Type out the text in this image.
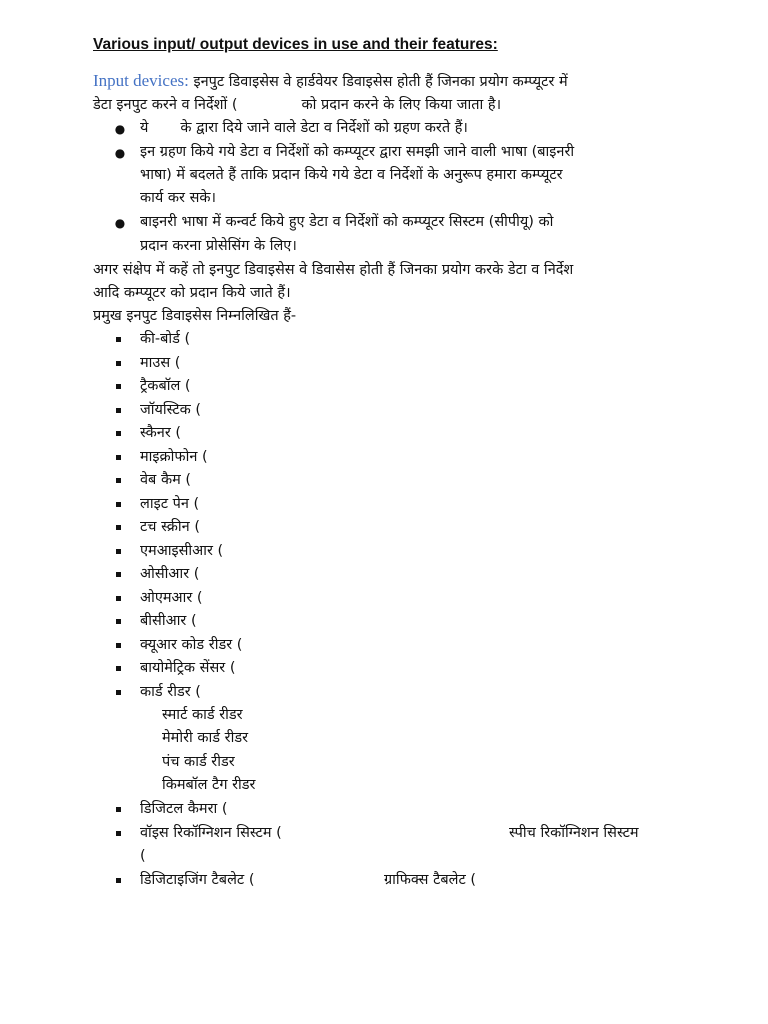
Various input/ output devices in use and their features:
Input devices: इनपुट डिवाइसेस वे हार्डवेयर डिवाइसेस होती हैं जिनका प्रयोग कम्प्यूटर में
डेटा इनपुट करने व निर्देशों (	को प्रदान करने के लिए किया जाता है।
●	ये के द्वारा दिये जाने वाले डेटा व निर्देशों को ग्रहण करते हैं।
●	इन ग्रहण किये गये डेटा व निर्देशों को कम्प्यूटर द्वारा समझी जाने वाली भाषा (बाइनरी
भाषा) में बदलते हैं ताकि प्रदान किये गये डेटा व निर्देशों के अनुरूप हमारा कम्प्यूटर
कार्य कर सके।
●	बाइनरी भाषा में कन्वर्ट किये हुए डेटा व निर्देशों को कम्प्यूटर सिस्टम (सीपीयू) को
प्रदान करना प्रोसेसिंग के लिए।
अगर संक्षेप में कहें तो इनपुट डिवाइसेस वे डिवासेस होती हैं जिनका प्रयोग करके डेटा व निर्देश
आदि कम्प्यूटर को प्रदान किये जाते हैं।
प्रमुख इनपुट डिवाइसेस निम्नलिखित हैं-
की-बोर्ड (
माउस (
ट्रैकबॉल (
जॉयस्टिक (
स्कैनर (
माइक्रोफोन (
वेब कैम (
लाइट पेन (
टच स्क्रीन (
एमआइसीआर (
ओसीआर (
ओएमआर (
बीसीआर (
क्यूआर कोड रीडर (
बायोमेट्रिक सेंसर (
कार्ड रीडर (
स्मार्ट कार्ड रीडर
मेमोरी कार्ड रीडर
पंच कार्ड रीडर
किमबॉल टैग रीडर
डिजिटल कैमरा (
वॉइस रिकॉग्निशन सिस्टम (	स्पीच रिकॉग्निशन सिस्टम
(
डिजिटाइजिंग टैबलेट (	ग्राफिक्स टैबलेट (
